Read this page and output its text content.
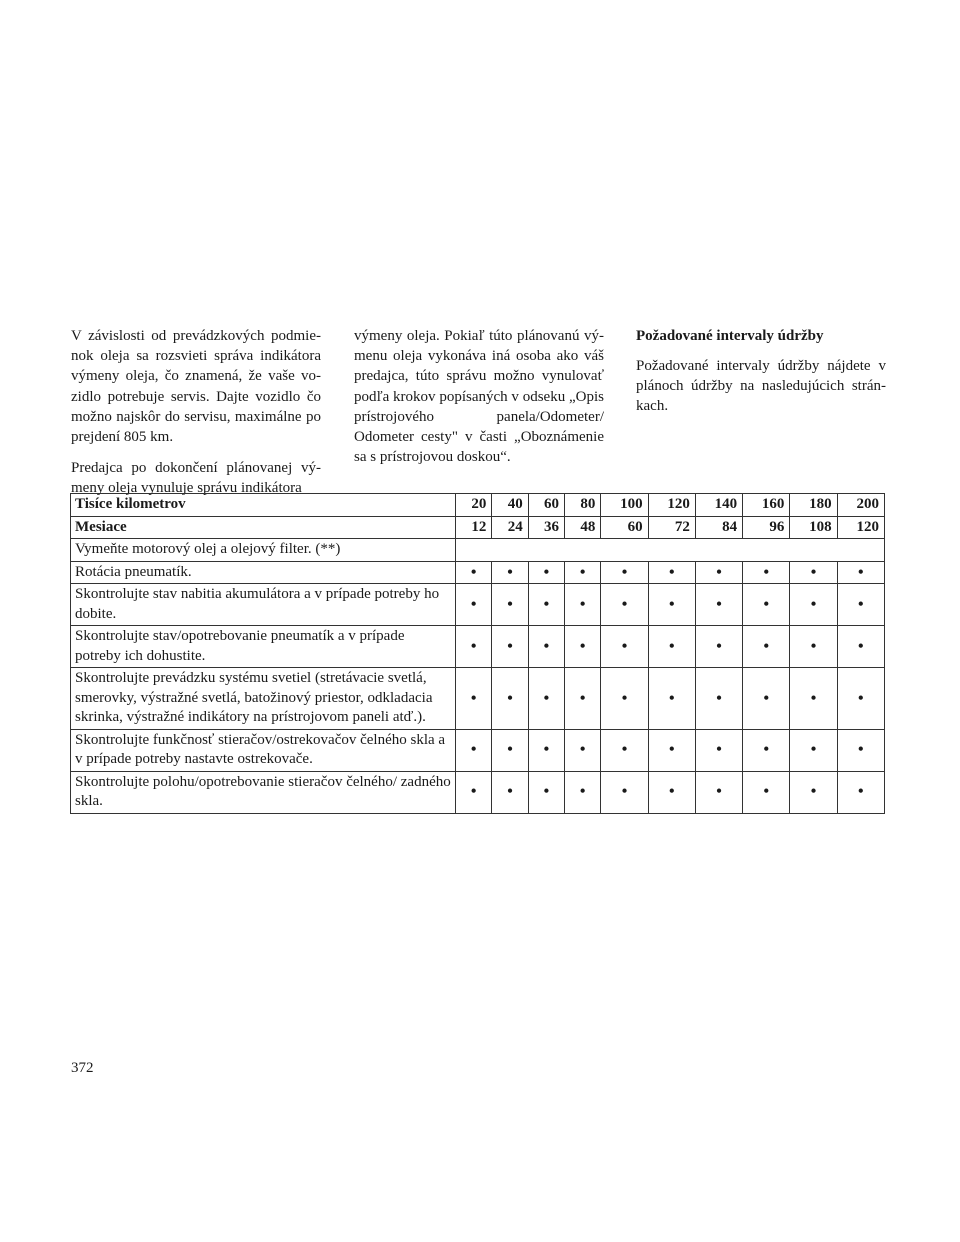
V závislosti od prevádzkových podmie-nok oleja sa rozsvieti správa indikátora výmeny oleja, čo znamená, že vaše vo-zidlo potrebuje servis. Dajte vozidlo čo možno najskôr do servisu, maximálne po prejdení 805 km.

Predajca po dokončení plánovanej vý-meny oleja vynuluje správu indikátora

výmeny oleja. Pokiaľ túto plánovanú vý-menu oleja vykonáva iná osoba ako váš predajca, túto správu možno vynulovať podľa krokov popísaných v odseku „Opis prístrojového panela/Odometer/ Odometer cesty" v časti „Oboznámenie sa s prístrojovou doskou“.

Požadované intervaly údržby

Požadované intervaly údržby nájdete v plánoch údržby na nasledujúcich strán-kach.

Tisíce kilometrov	20	40	60	80	100	120	140	160	180	200
Mesiace	12	24	36	48	60	72	84	96	108	120
Vymeňte motorový olej a olejový filter. (**)										
Rotácia pneumatík.	•	•	•	•	•	•	•	•	•	•
Skontrolujte stav nabitia akumulátora a v prípade potreby ho dobite.	•	•	•	•	•	•	•	•	•	•
Skontrolujte stav/opotrebovanie pneumatík a v prípade potreby ich dohustite.	•	•	•	•	•	•	•	•	•	•
Skontrolujte prevádzku systému svetiel (stretávacie svetlá, smerovky, výstražné svetlá, batožinový priestor, odkladacia skrinka, výstražné indikátory na prístrojovom paneli atď.).	•	•	•	•	•	•	•	•	•	•
Skontrolujte funkčnosť stieračov/ostrekovačov čelného skla a v prípade potreby nastavte ostrekovače.	•	•	•	•	•	•	•	•	•	•
Skontrolujte polohu/opotrebovanie stieračov čelného/ zadného skla.	•	•	•	•	•	•	•	•	•	•
372
